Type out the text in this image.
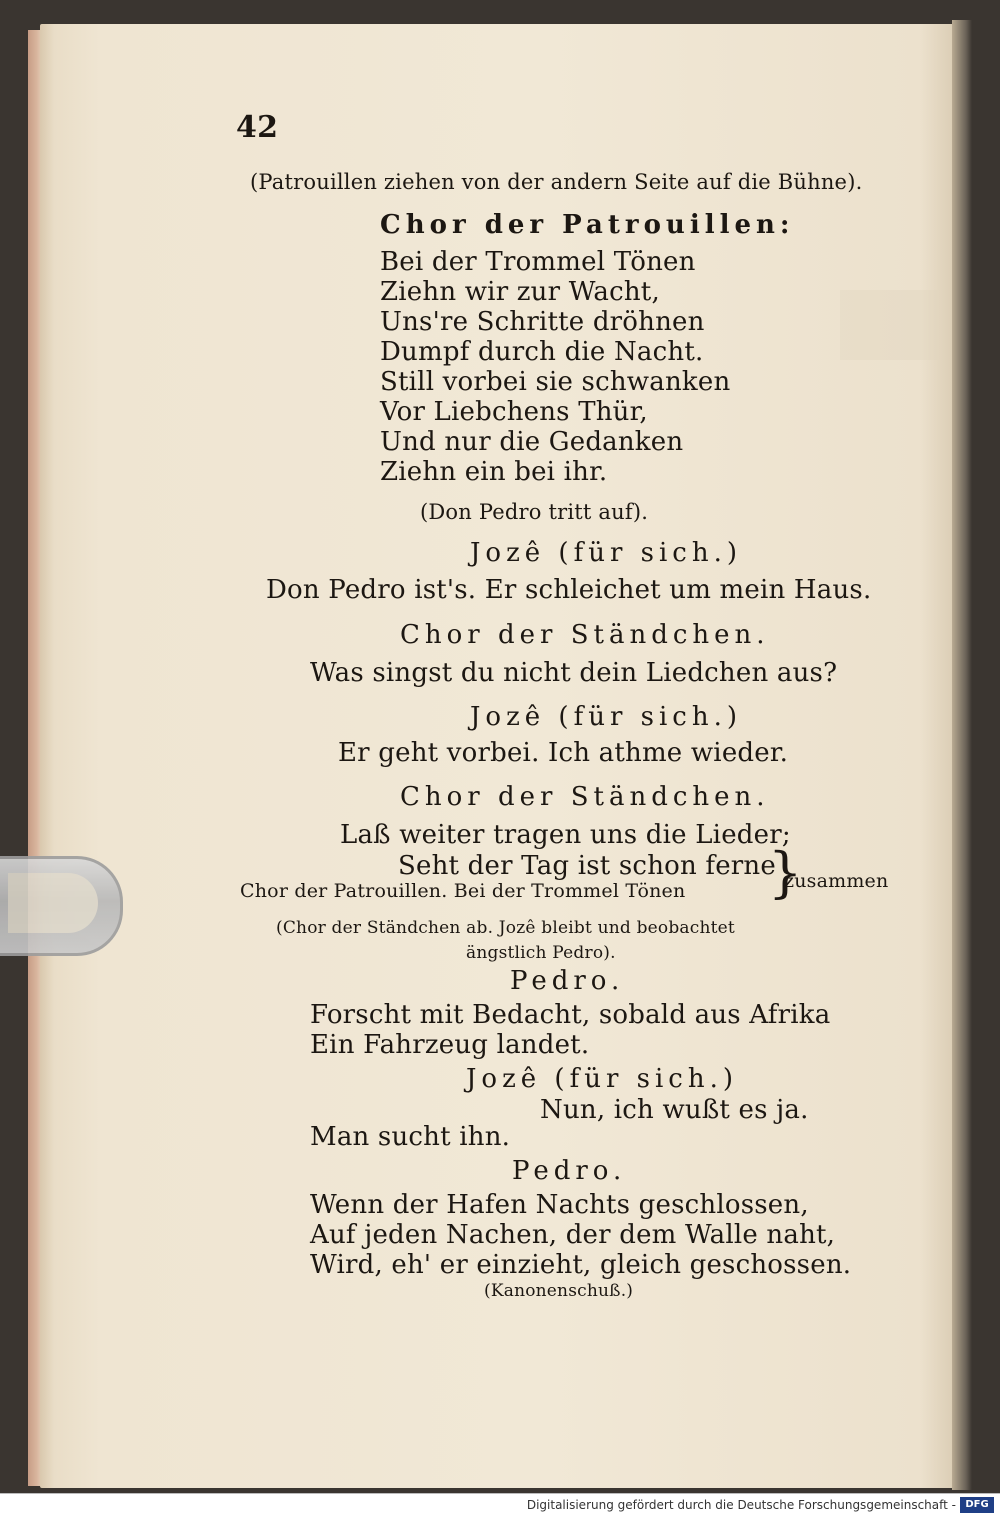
42
(Patrouillen ziehen von der andern Seite auf die Bühne).
Chor der Patrouillen:
Bei der Trommel Tönen
Ziehn wir zur Wacht,
Uns're Schritte dröhnen
Dumpf durch die Nacht.
Still vorbei sie schwanken
Vor Liebchens Thür,
Und nur die Gedanken
Ziehn ein bei ihr.
(Don Pedro tritt auf).
Jozê (für sich.)
Don Pedro ist's. Er schleichet um mein Haus.
Chor der Ständchen.
Was singst du nicht dein Liedchen aus?
Jozê (für sich.)
Er geht vorbei. Ich athme wieder.
Chor der Ständchen.
Laß weiter tragen uns die Lieder;
Seht der Tag ist schon ferne
Chor der Patrouillen. Bei der Trommel Tönen }
zusammen
(Chor der Ständchen ab. Jozê bleibt und beobachtet
ängstlich Pedro).
Pedro.
Forscht mit Bedacht, sobald aus Afrika
Ein Fahrzeug landet.
Jozê (für sich.)
Nun, ich wußt es ja.
Man sucht ihn.
Pedro.
Wenn der Hafen Nachts geschlossen,
Auf jeden Nachen, der dem Walle naht,
Wird, eh' er einzieht, gleich geschossen.
(Kanonenschuß.)
Digitalisierung gefördert durch die Deutsche Forschungsgemeinschaft - DFG
